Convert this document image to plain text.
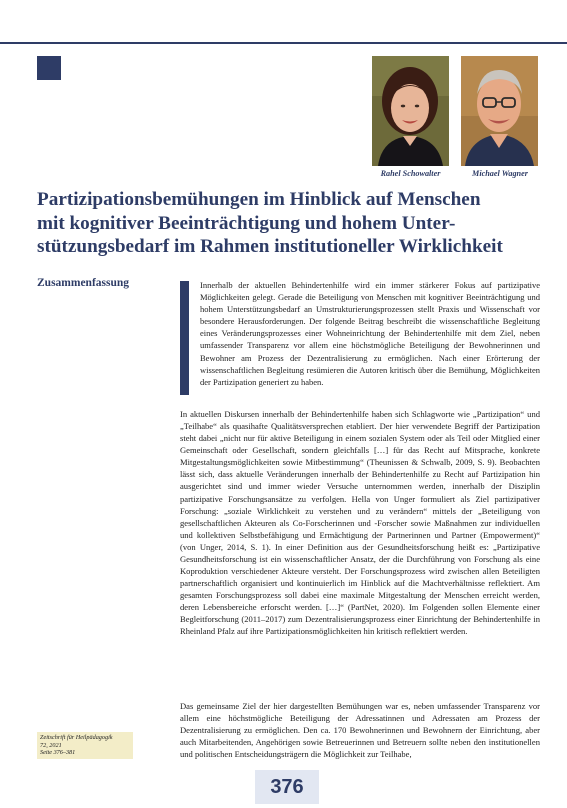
Rahel Schowalter	Michael Wagner
Partizipationsbemühungen im Hinblick auf Menschen
mit kognitiver Beeinträchtigung und hohem Unter-
stützungsbedarf im Rahmen institutioneller Wirklichkeit
Zusammenfassung	Innerhalb der aktuellen Behindertenhilfe wird ein immer stärkerer Fokus auf partizipative Möglichkeiten gelegt. Gerade die Beteiligung von Menschen mit kognitiver Beeinträchtigung und hohem Unterstützungsbedarf an Umstrukturierungsprozessen stellt Praxis und Wissenschaft vor besondere Herausforderungen. Der folgende Beitrag beschreibt die wissenschaftliche Begleitung eines Veränderungsprozesses einer Wohneinrichtung der Behindertenhilfe mit dem Ziel, neben umfassender Transparenz vor allem eine höchstmögliche Beteiligung der Bewohnerinnen und Bewohner am Prozess der Dezentralisierung zu ermöglichen. Nach einer Erörterung der wissenschaftlichen Begleitung resümieren die Autoren kritisch über die Bemühung, Möglichkeiten der Partizipation generiert zu haben.

In aktuellen Diskursen innerhalb der Behindertenhilfe haben sich Schlagworte wie „Partizipation“ und „Teilhabe“ als quasihafte Qualitätsversprechen etabliert. Der hier verwendete Begriff der Partizipation steht dabei „nicht nur für aktive Beteiligung in einem sozialen System oder als Teil oder Mitglied einer Gemeinschaft oder Gesellschaft, sondern gleichfalls […] für das Recht auf Mitsprache, konkrete Mitgestaltungsmöglichkeiten sowie Mitbestimmung“ (Theunissen & Schwalb, 2009, S. 9). Beobachten lässt sich, dass aktuelle Veränderungen innerhalb der Behindertenhilfe zu Recht auf Partizipation hin ausgerichtet sind und immer wieder Versuche unternommen werden, innerhalb der Disziplin partizipative Forschungsansätze zu verfolgen. Hella von Unger formuliert als Ziel partizipativer Forschung: „soziale Wirklichkeit zu verstehen und zu verändern“ mittels der „Beteiligung von gesellschaftlichen Akteuren als Co-Forscherinnen und -Forscher sowie Maßnahmen zur individuellen und kollektiven Selbstbefähigung und Ermächtigung der Partnerinnen und Partner (Empowerment)“ (von Unger, 2014, S. 1). In einer Definition aus der Gesundheitsforschung heißt es: „Partizipative Gesundheitsforschung ist ein wissenschaftlicher Ansatz, der die Durchführung von Forschung als eine Koproduktion verschiedener Akteure versteht. Der Forschungsprozess wird zwischen allen Beteiligten partnerschaftlich organisiert und kontinuierlich im Hinblick auf die Machtverhältnisse reflektiert. Am gesamten Forschungsprozess soll dabei eine maximale Mitgestaltung der Menschen erreicht werden, deren Lebensbereiche erforscht werden. […]“ (PartNet, 2020). Im Folgenden sollen Elemente einer Begleitforschung (2011–2017) zum Dezentralisierungsprozess einer Einrichtung der Behindertenhilfe in Rheinland Pfalz auf ihre Partizipationsmöglichkeiten hin kritisch reflektiert werden.

Das gemeinsame Ziel der hier dargestellten Bemühungen war es, neben umfassender Transparenz vor allem eine höchstmögliche Beteiligung der Adressatinnen und Adressaten am Prozess der Dezentralisierung zu ermöglichen. Den ca. 170 Bewohnerinnen und Bewohnern der Einrichtung, aber auch Mitarbeitenden, Angehörigen sowie Betreuerinnen und Betreuern sollte neben den institutionellen und politischen Entscheidungsträgern die Möglichkeit zur Teilhabe,

Zeitschrift für Heilpädagogik
72, 2021
Seite 376–381
376
